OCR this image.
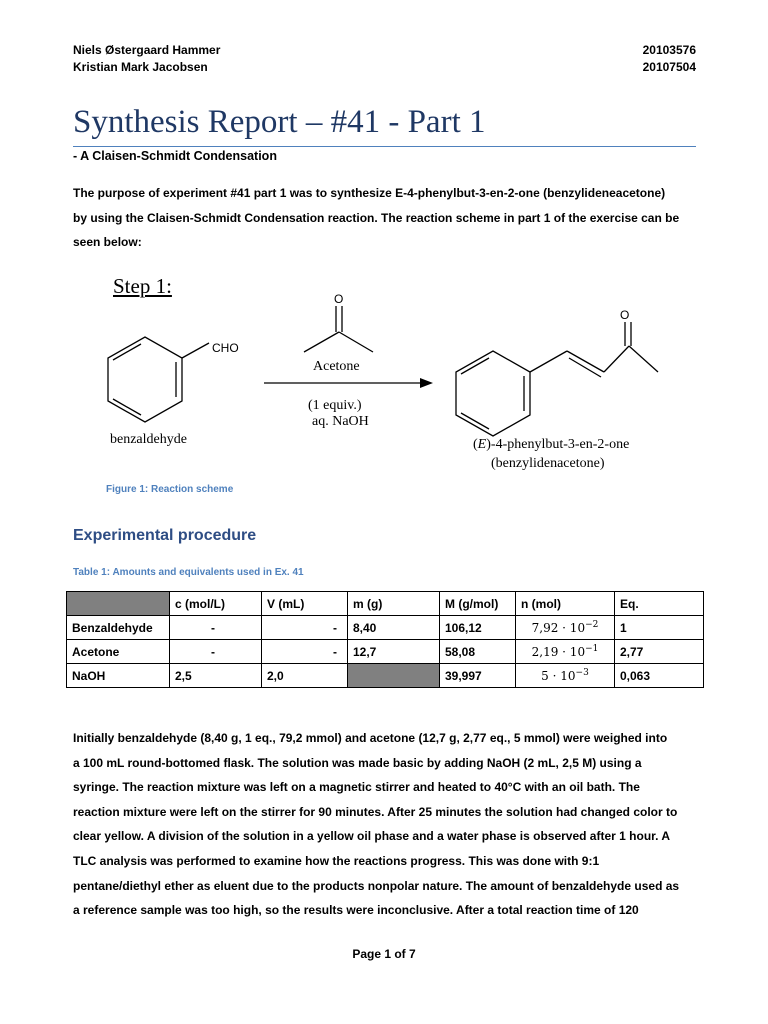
Niels Østergaard Hammer
Kristian Mark Jacobsen
20103576
20107504
Synthesis Report – #41 - Part 1
- A Claisen-Schmidt Condensation
The purpose of experiment #41 part 1 was to synthesize E-4-phenylbut-3-en-2-one (benzylideneacetone)
by using the Claisen-Schmidt Condensation reaction. The reaction scheme in part 1 of the exercise can be
seen below:
Step 1:
CHO
O
O
benzaldehyde
Acetone
(1 equiv.)
aq. NaOH
(E)-4-phenylbut-3-en-2-one
(benzylidenacetone)
Figure 1: Reaction scheme
Experimental procedure
Table 1: Amounts and equivalents used in Ex. 41
	c (mol/L)	V (mL)	m (g)	M (g/mol)	n (mol)	Eq.
Benzaldehyde	-	-	8,40	106,12	$7,92 \cdot 10^{-2}$	1
Acetone	-	-	12,7	58,08	$2,19 \cdot 10^{-1}$	2,77
NaOH	2,5	2,0		39,997	$5 \cdot 10^{-3}$	0,063
Initially benzaldehyde (8,40 g, 1 eq., 79,2 mmol) and acetone (12,7 g, 2,77 eq., 5 mmol) were weighed into
a 100 mL round-bottomed flask. The solution was made basic by adding NaOH (2 mL, 2,5 M) using a
syringe. The reaction mixture was left on a magnetic stirrer and heated to 40°C with an oil bath. The
reaction mixture were left on the stirrer for 90 minutes. After 25 minutes the solution had changed color to
clear yellow. A division of the solution in a yellow oil phase and a water phase is observed after 1 hour. A
TLC analysis was performed to examine how the reactions progress. This was done with 9:1
pentane/diethyl ether as eluent due to the products nonpolar nature. The amount of benzaldehyde used as
a reference sample was too high, so the results were inconclusive. After a total reaction time of 120
Page 1 of 7
